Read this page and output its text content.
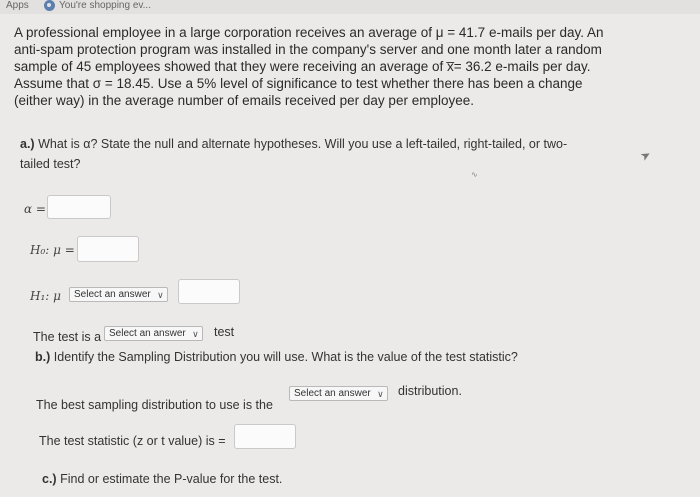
Apps	You're shopping ev...

A professional employee in a large corporation receives an average of μ = 41.7 e-mails per day. An

anti-spam protection program was installed in the company's server and one month later a random

sample of 45 employees showed that they were receiving an average of x̅= 36.2 e-mails per day.

Assume that σ = 18.45. Use a 5% level of significance to test whether there has been a change

(either way) in the average number of emails received per day per employee.

a.) What is α? State the null and alternate hypotheses. Will you use a left-tailed, right-tailed, or two-
tailed test?
∿
➤
α =
H₀: μ =
H₁: μ	Select an answer ∨
The test is a Select an answer ∨ test
b.) Identify the Sampling Distribution you will use. What is the value of the test statistic?
The best sampling distribution to use is the
Select an answer ∨ distribution.
The test statistic (z or t value) is =
c.) Find or estimate the P-value for the test.
